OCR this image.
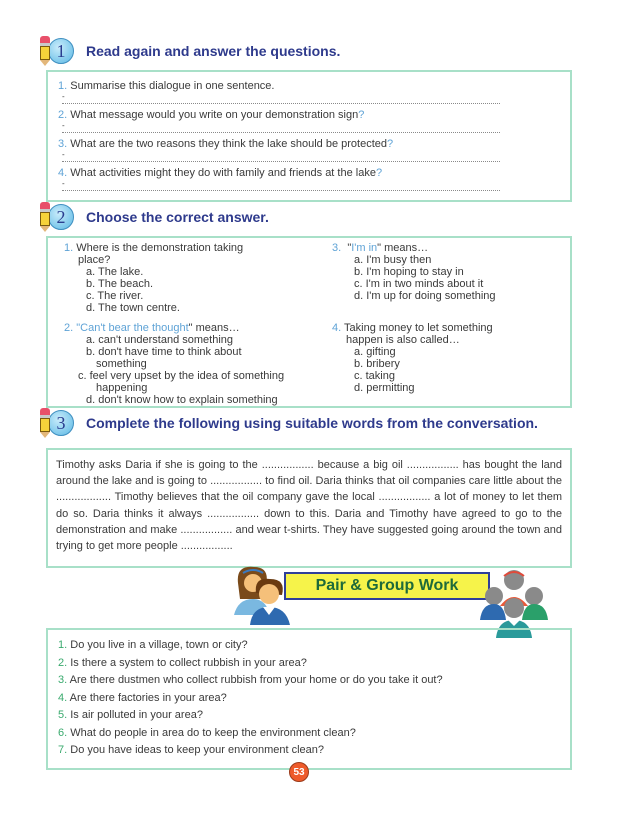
1	Read again and answer the questions.
1. Summarise this dialogue in one sentence.
-
2. What message would you write on your demonstration sign?
-
3. What are the two reasons they think the lake should be protected?
-
4. What activities might they do with family and friends at the lake?
-
2	Choose the correct answer.
1. Where is the demonstration taking
place?
a. The lake.
b. The beach.
c. The river.
d. The town centre.
2. "Can't bear the thought" means…
a. can't understand something
b. don't have time to think about
something
c. feel very upset by the idea of something
happening
d. don't know how to explain something
3. "I'm in" means…
a. I'm busy then
b. I'm hoping to stay in
c. I'm in two minds about it
d. I'm up for doing something
4. Taking money to let something
happen is also called…
a. gifting
b. bribery
c. taking
d. permitting
3	Complete the following using suitable words from the conversation.
Timothy asks Daria if she is going to the ................. because a big oil ................. has bought the land around the lake and is going to ................. to find oil. Daria thinks that oil companies care little about the .................. Timothy believes that the oil company gave the local ................. a lot of money to let them do so. Daria thinks it always ................. down to this. Daria and Timothy have agreed to go to the demonstration and make ................. and wear t-shirts. They have suggested going around the town and trying to get more people .................
Pair & Group Work
1. Do you live in a village, town or city?
2. Is there a system to collect rubbish in your area?
3. Are there dustmen who collect rubbish from your home or do you take it out?
4. Are there factories in your area?
5. Is air polluted in your area?
6. What do people in area do to keep the environment clean?
7. Do you have ideas to keep your environment clean?
53
